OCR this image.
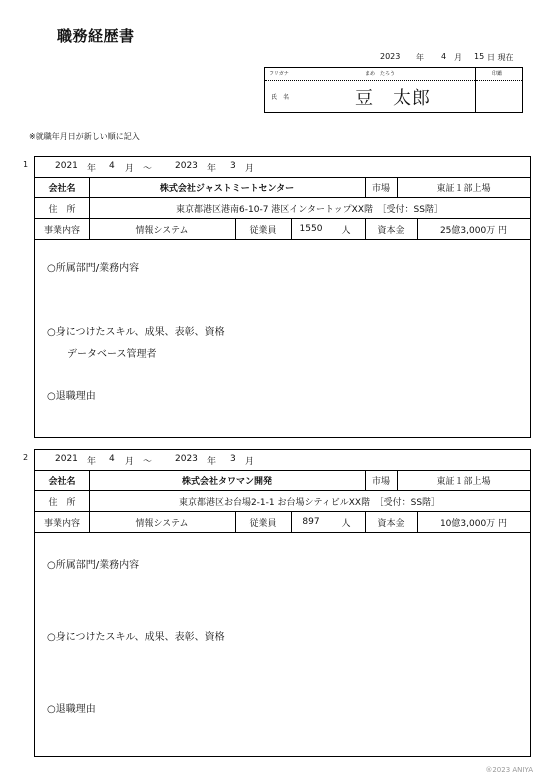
職務経歴書
2023 年 4 月 15 日 現在
フリガナ	まめ　たろう
氏　名	豆　太郎
印鑑
※就職年月日が新しい順に記入
1	2021 年 4 月 ～	2023 年 3 月
会社名	株式会社ジャストミートセンター	市場	東証１部上場
住　所	東京都港区港南6-10-7 港区インタートップXX階　［受付：SS階］
事業内容	情報システム	従業員	1550	人	資本金	25億3,000万 円
○所属部門/業務内容
○身につけたスキル、成果、表彰、資格
データベース管理者
○退職理由
2	2021 年 4 月 ～	2023 年 3 月
会社名	株式会社タワマン開発	市場	東証１部上場
住　所	東京都港区お台場2-1-1 お台場シティビルXX階　［受付：SS階］
事業内容	情報システム	従業員	897	人	資本金	10億3,000万 円
○所属部門/業務内容
○身につけたスキル、成果、表彰、資格
○退職理由
®2023 ANIYA
